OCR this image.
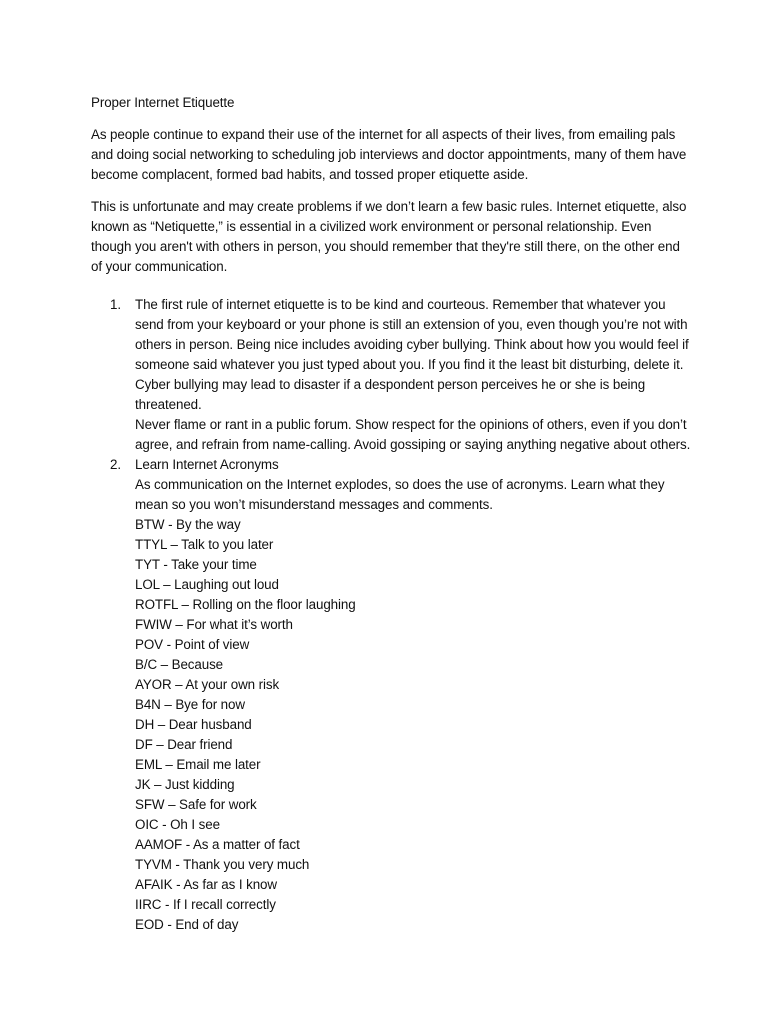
Proper Internet Etiquette

As people continue to expand their use of the internet for all aspects of their lives, from emailing pals and doing social networking to scheduling job interviews and doctor appointments, many of them have become complacent, formed bad habits, and tossed proper etiquette aside.

This is unfortunate and may create problems if we don’t learn a few basic rules. Internet etiquette, also known as “Netiquette,” is essential in a civilized work environment or personal relationship. Even though you aren't with others in person, you should remember that they're still there, on the other end of your communication.

1. The first rule of internet etiquette is to be kind and courteous. Remember that whatever you send from your keyboard or your phone is still an extension of you, even though you’re not with others in person. Being nice includes avoiding cyber bullying. Think about how you would feel if someone said whatever you just typed about you. If you find it the least bit disturbing, delete it. Cyber bullying may lead to disaster if a despondent person perceives he or she is being threatened.
Never flame or rant in a public forum. Show respect for the opinions of others, even if you don’t agree, and refrain from name-calling. Avoid gossiping or saying anything negative about others.
2. Learn Internet Acronyms
As communication on the Internet explodes, so does the use of acronyms. Learn what they mean so you won’t misunderstand messages and comments.
BTW - By the way
TTYL – Talk to you later
TYT - Take your time
LOL – Laughing out loud
ROTFL – Rolling on the floor laughing
FWIW – For what it’s worth
POV - Point of view
B/C – Because
AYOR – At your own risk
B4N – Bye for now
DH – Dear husband
DF – Dear friend
EML – Email me later
JK – Just kidding
SFW – Safe for work
OIC - Oh I see
AAMOF - As a matter of fact
TYVM - Thank you very much
AFAIK - As far as I know
IIRC - If I recall correctly
EOD - End of day
